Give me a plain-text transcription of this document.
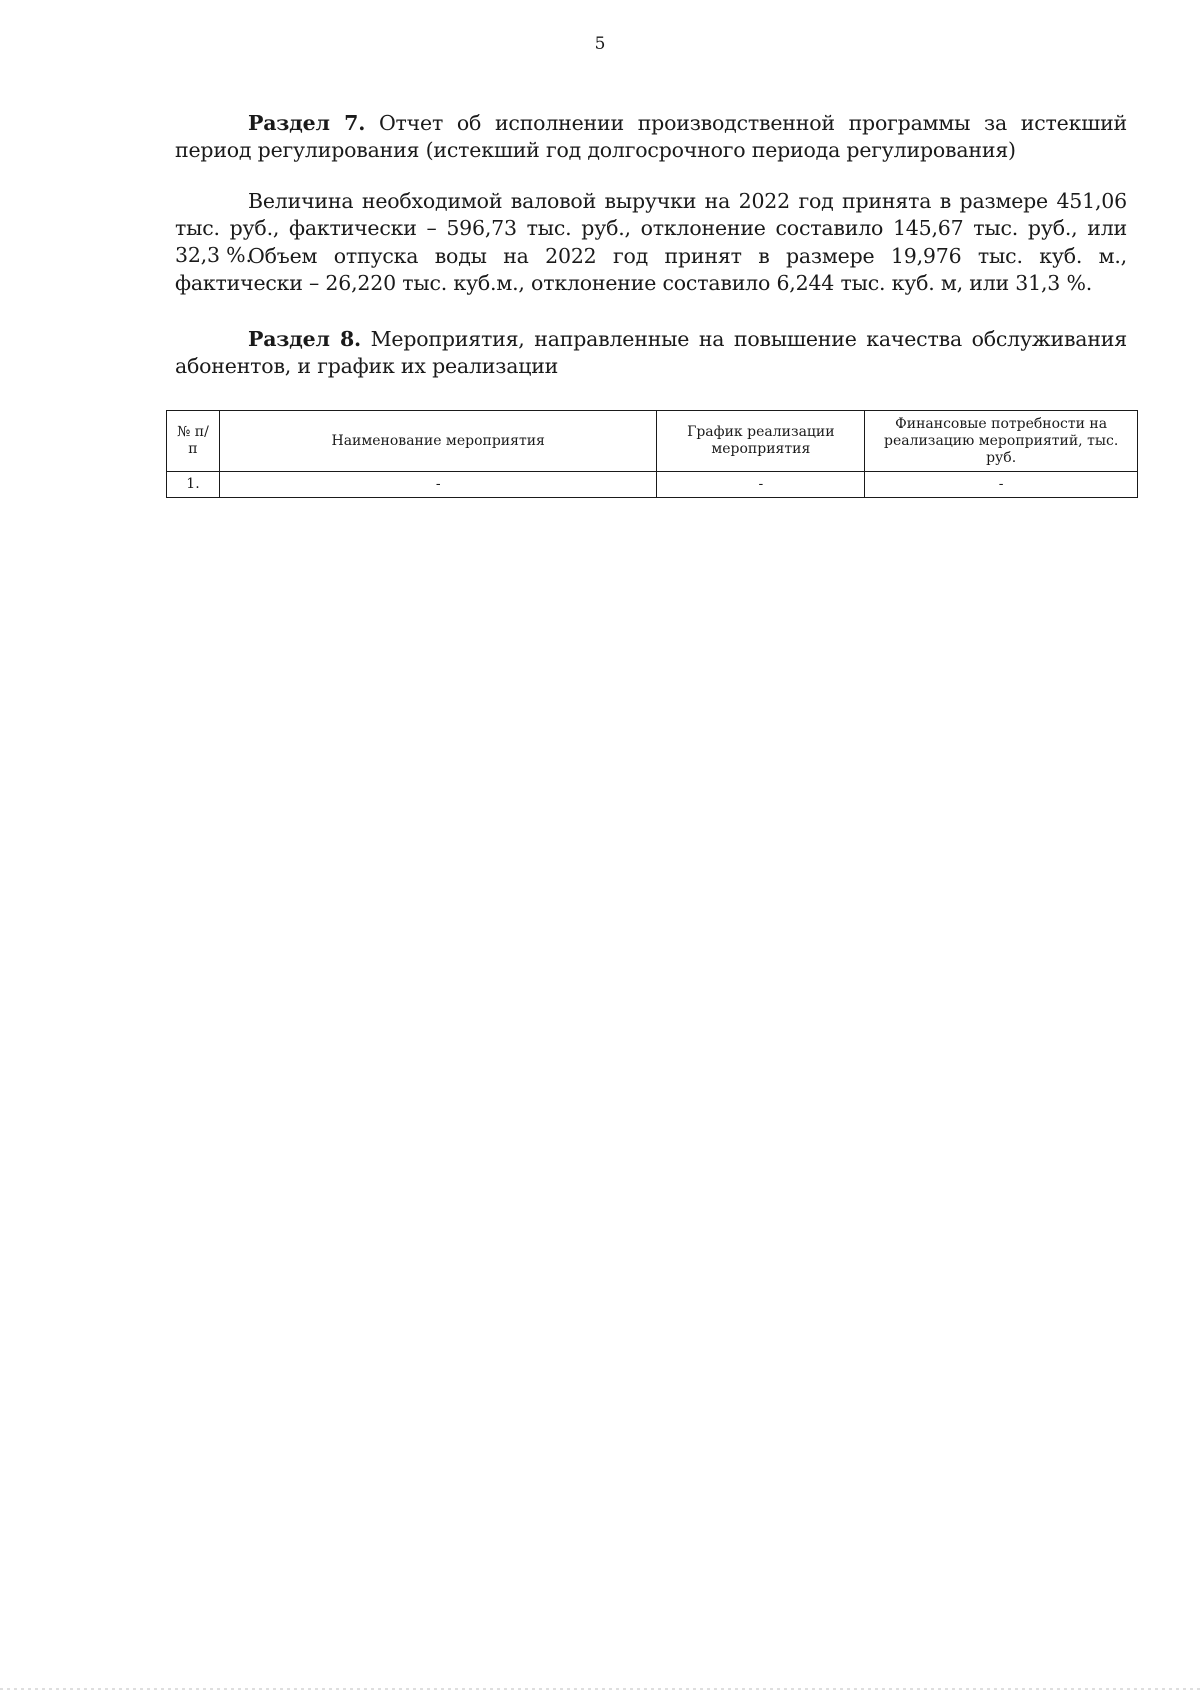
5
Раздел 7. Отчет об исполнении производственной программы за истекший период регулирования (истекший год долгосрочного периода регулирования)
Величина необходимой валовой выручки на 2022 год принята в размере 451,06 тыс. руб., фактически – 596,73 тыс. руб., отклонение составило 145,67 тыс. руб., или 32,3 %.
Объем отпуска воды на 2022 год принят в размере 19,976 тыс. куб. м., фактически – 26,220 тыс. куб.м., отклонение составило 6,244 тыс. куб. м, или 31,3 %.
Раздел 8. Мероприятия, направленные на повышение качества обслуживания абонентов, и график их реализации
№ п/п	Наименование мероприятия	График реализации мероприятия	Финансовые потребности на реализацию мероприятий, тыс. руб.
1.	-	-	-
